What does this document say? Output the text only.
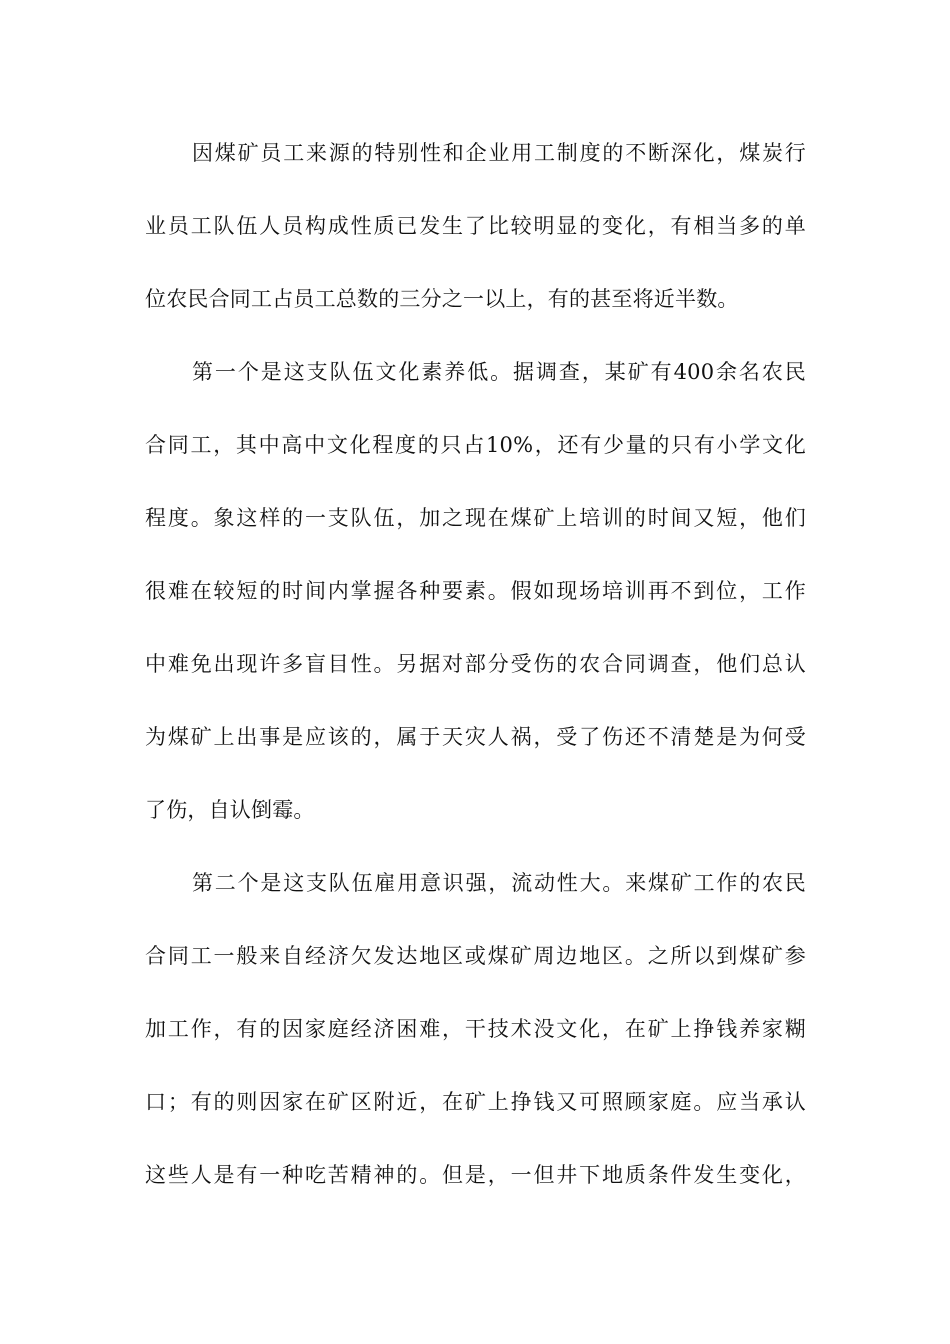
因煤矿员工来源的特别性和企业用工制度的不断深化，煤炭行
业员工队伍人员构成性质已发生了比较明显的变化，有相当多的单
位农民合同工占员工总数的三分之一以上，有的甚至将近半数。
第一个是这支队伍文化素养低。据调查，某矿有400余名农民
合同工，其中高中文化程度的只占10%，还有少量的只有小学文化
程度。象这样的一支队伍，加之现在煤矿上培训的时间又短，他们
很难在较短的时间内掌握各种要素。假如现场培训再不到位，工作
中难免出现许多盲目性。另据对部分受伤的农合同调查，他们总认
为煤矿上出事是应该的，属于天灾人祸，受了伤还不清楚是为何受
了伤，自认倒霉。
第二个是这支队伍雇用意识强，流动性大。来煤矿工作的农民
合同工一般来自经济欠发达地区或煤矿周边地区。之所以到煤矿参
加工作，有的因家庭经济困难，干技术没文化，在矿上挣钱养家糊
口；有的则因家在矿区附近，在矿上挣钱又可照顾家庭。应当承认
这些人是有一种吃苦精神的。但是，一但井下地质条件发生变化，
